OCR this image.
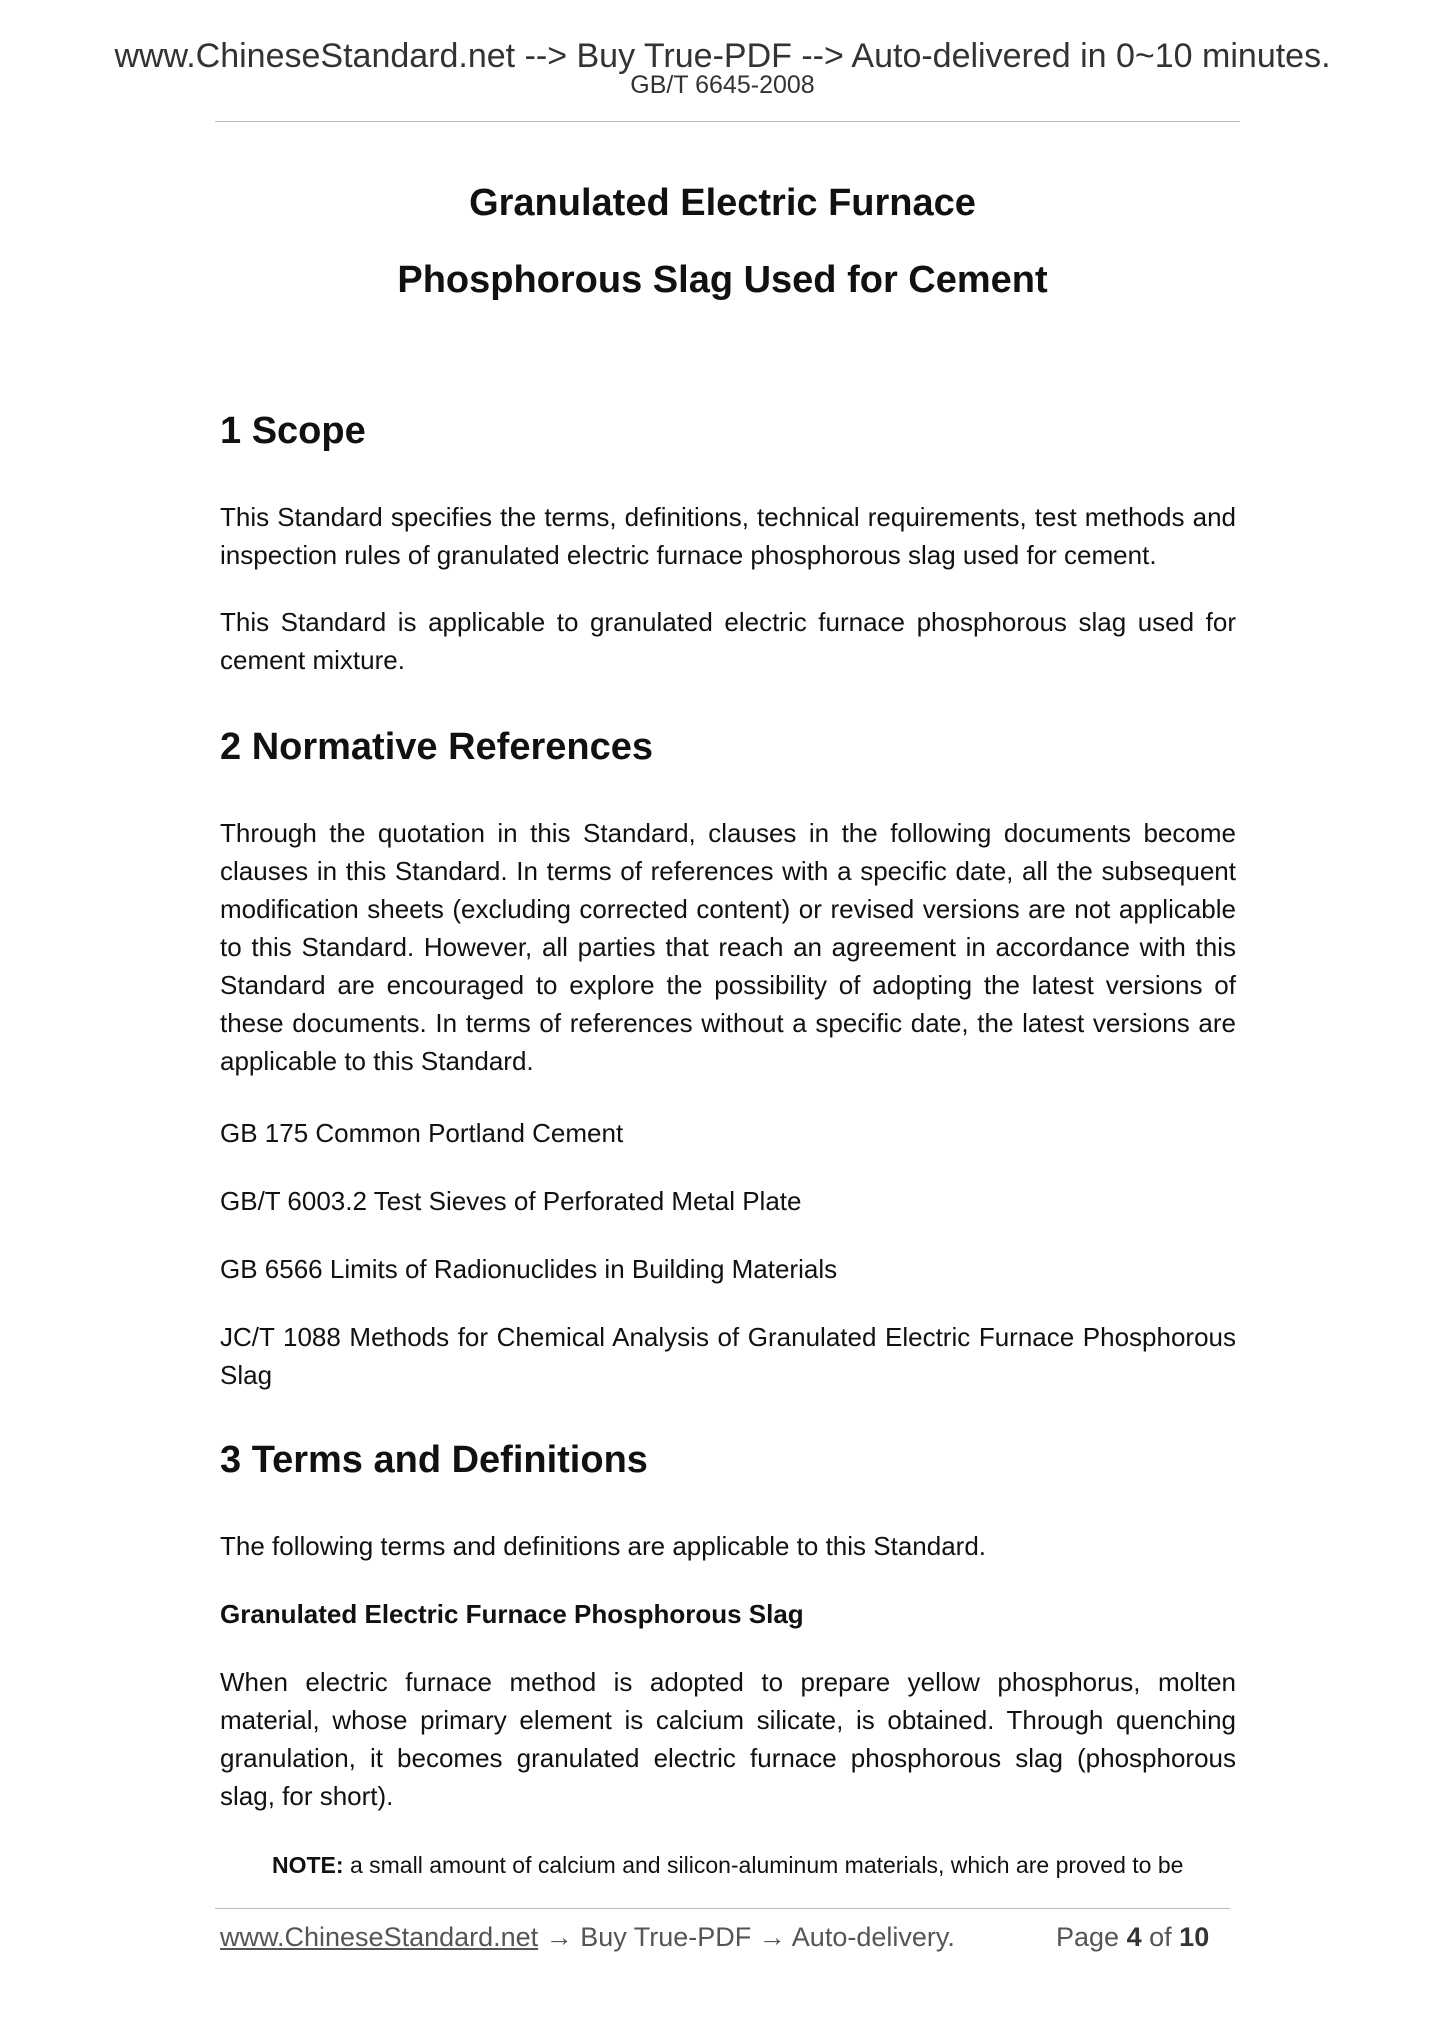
www.ChineseStandard.net --> Buy True-PDF --> Auto-delivered in 0~10 minutes.
GB/T 6645-2008
Granulated Electric Furnace
Phosphorous Slag Used for Cement
1 Scope

This Standard specifies the terms, definitions, technical requirements, test methods and inspection rules of granulated electric furnace phosphorous slag used for cement.

This Standard is applicable to granulated electric furnace phosphorous slag used for cement mixture.

2 Normative References

Through the quotation in this Standard, clauses in the following documents become clauses in this Standard. In terms of references with a specific date, all the subsequent modification sheets (excluding corrected content) or revised versions are not applicable to this Standard. However, all parties that reach an agreement in accordance with this Standard are encouraged to explore the possibility of adopting the latest versions of these documents. In terms of references without a specific date, the latest versions are applicable to this Standard.

GB 175 Common Portland Cement

GB/T 6003.2 Test Sieves of Perforated Metal Plate

GB 6566 Limits of Radionuclides in Building Materials

JC/T 1088 Methods for Chemical Analysis of Granulated Electric Furnace Phosphorous Slag

3 Terms and Definitions

The following terms and definitions are applicable to this Standard.

Granulated Electric Furnace Phosphorous Slag

When electric furnace method is adopted to prepare yellow phosphorus, molten material, whose primary element is calcium silicate, is obtained. Through quenching granulation, it becomes granulated electric furnace phosphorous slag (phosphorous slag, for short).

NOTE: a small amount of calcium and silicon-aluminum materials, which are proved to be

www.ChineseStandard.net → Buy True-PDF → Auto-delivery.	Page 4 of 10
